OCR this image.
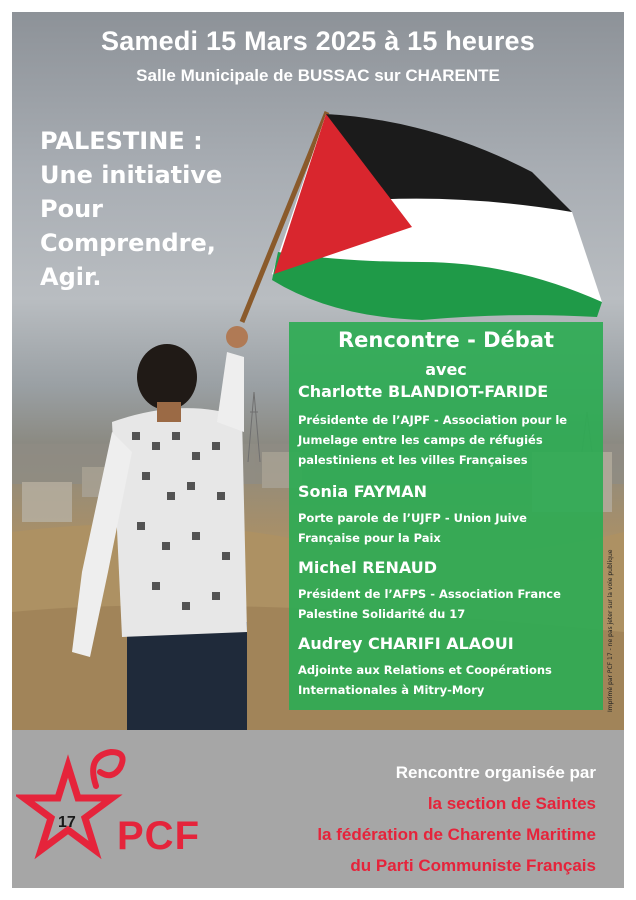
Samedi 15 Mars 2025 à 15 heures
Salle Municipale de BUSSAC sur CHARENTE
PALESTINE :
Une initiative
Pour
Comprendre,
Agir.
Rencontre - Débat
avec
Charlotte BLANDIOT-FARIDE
Présidente de l’AJPF - Association pour le
Jumelage entre les camps de réfugiés
palestiniens et les villes Françaises
Sonia FAYMAN
Porte parole de l’UJFP - Union Juive
Française pour la Paix
Michel RENAUD
Président de l’AFPS - Association France
Palestine Solidarité du 17
Audrey CHARIFI ALAOUI
Adjointe aux Relations et Coopérations
Internationales à Mitry-Mory	Imprimé par PCF 17 - ne pas jeter sur la voie publique
17 PCF
Rencontre organisée par
la section de Saintes
la fédération de Charente Maritime
du Parti Communiste Français
